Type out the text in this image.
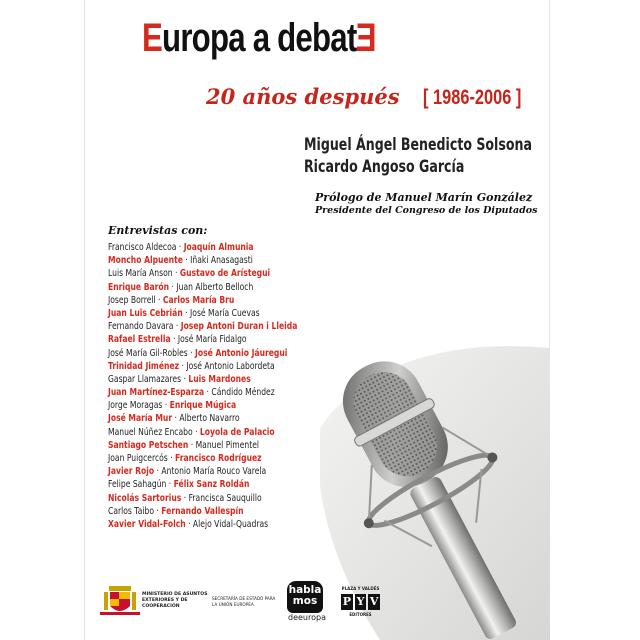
Europa a debatE
20 años después [ 1986-2006 ]
Miguel Ángel Benedicto Solsona
Ricardo Angoso García
Prólogo de Manuel Marín González
Presidente del Congreso de los Diputados
Entrevistas con:
Francisco Aldecoa · Joaquín Almunia
Moncho Alpuente · Iñaki Anasagasti
Luis María Anson · Gustavo de Arístegui
Enrique Barón · Juan Alberto Belloch
Josep Borrell · Carlos María Bru
Juan Luis Cebrián · José María Cuevas
Fernando Davara · Josep Antoni Duran i Lleida
Rafael Estrella · José María Fidalgo
José María Gil-Robles · José Antonio Jáuregui
Trinidad Jiménez · José Antonio Labordeta
Gaspar Llamazares · Luis Mardones
Juan Martínez-Esparza · Cándido Méndez
Jorge Moragas · Enrique Múgica
José María Mur · Alberto Navarro
Manuel Núñez Encabo · Loyola de Palacio
Santiago Petschen · Manuel Pimentel
Joan Puigcercós · Francisco Rodríguez
Javier Rojo · Antonio María Rouco Varela
Felipe Sahagún · Félix Sanz Roldán
Nicolás Sartorius · Francisca Sauquillo
Carlos Taibo · Fernando Vallespín
Xavier Vidal-Folch · Alejo Vidal-Quadras
MINISTERIO DE ASUNTOS EXTERIORES Y DE COOPERACIÓN
SECRETARÍA DE ESTADO PARA LA UNIÓN EUROPEA
habla
mos
deeuropa
PLAZA Y VALDÉS
P Y V
EDITORES
